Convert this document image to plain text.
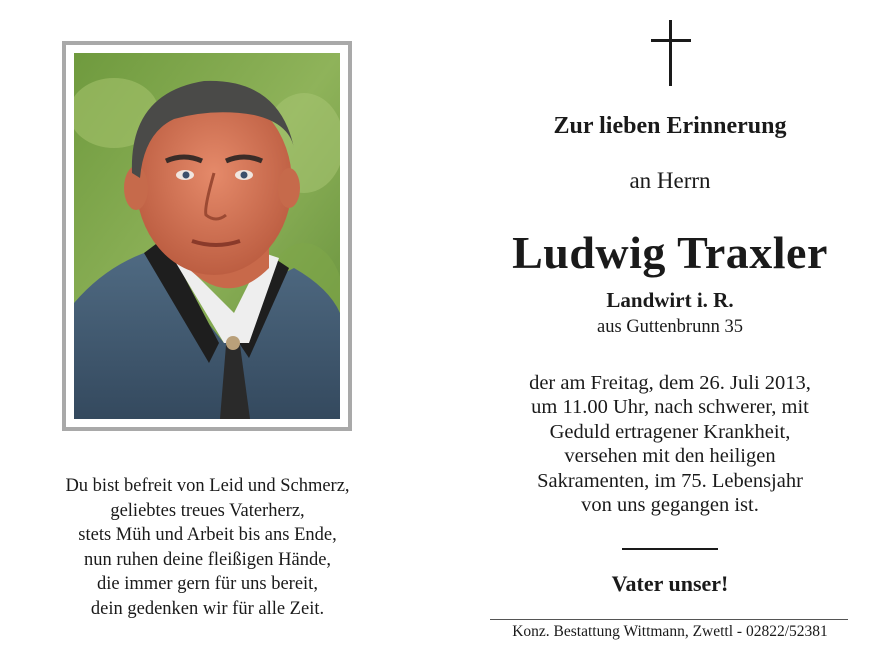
Du bist befreit von Leid und Schmerz,
geliebtes treues Vaterherz,
stets Müh und Arbeit bis ans Ende,
nun ruhen deine fleißigen Hände,
die immer gern für uns bereit,
dein gedenken wir für alle Zeit.
Zur lieben Erinnerung
an Herrn
Ludwig Traxler
Landwirt i. R.
aus Guttenbrunn 35
der am Freitag, dem 26. Juli 2013,
um 11.00 Uhr, nach schwerer, mit
Geduld ertragener Krankheit,
versehen mit den heiligen
Sakramenten, im 75. Lebensjahr
von uns gegangen ist.
Vater unser!
Konz. Bestattung Wittmann, Zwettl - 02822/52381
